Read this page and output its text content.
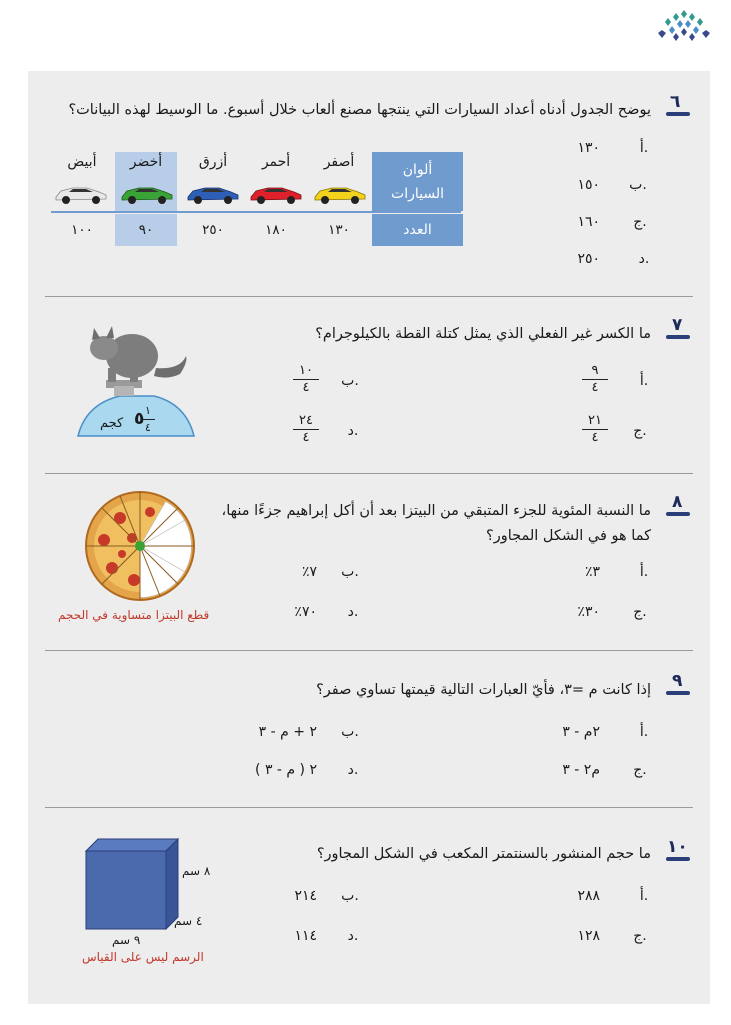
٦
يوضح الجدول أدناه أعداد السيارات التي ينتجها مصنع ألعاب خلال أسبوع. ما الوسيط لهذه البيانات؟
ألوان
السيارات
العدد
أصفر
أحمر
أزرق
أخضر
أبيض
١٣٠
١٨٠
٢٥٠
٩٠
١٠٠
أ.
١٣٠
ب.
١٥٠
ج.
١٦٠
د.
٢٥٠
٧
ما الكسر غير الفعلي الذي يمثل كتلة القطة بالكيلوجرام؟
كجم ٥ ١
٤
أ.
٩
٤
ب.
١٠
٤
ج.
٢١
٤
د.
٢٤
٤
٨
ما النسبة المئوية للجزء المتبقي من البيتزا بعد أن أكل إبراهيم جزءًا منها،
كما هو في الشكل المجاور؟
قطع البيتزا متساوية في الحجم
أ.
٣٪
ب.
٧٪
ج.
٣٠٪
د.
٧٠٪
٩
إذا كانت م =٣، فأيّ العبارات التالية قيمتها تساوي صفر؟
أ.
٢م - ٣
ب.
٢ + م - ٣
ج.
م٢ - ٣
د.
٢ ( م - ٣ )
١٠
ما حجم المنشور بالسنتمتر المكعب في الشكل المجاور؟
٨ سم
٤ سم
٩ سم
الرسم ليس على القياس
أ.
٢٨٨
ب.
٢١٤
ج.
١٢٨
د.
١١٤
